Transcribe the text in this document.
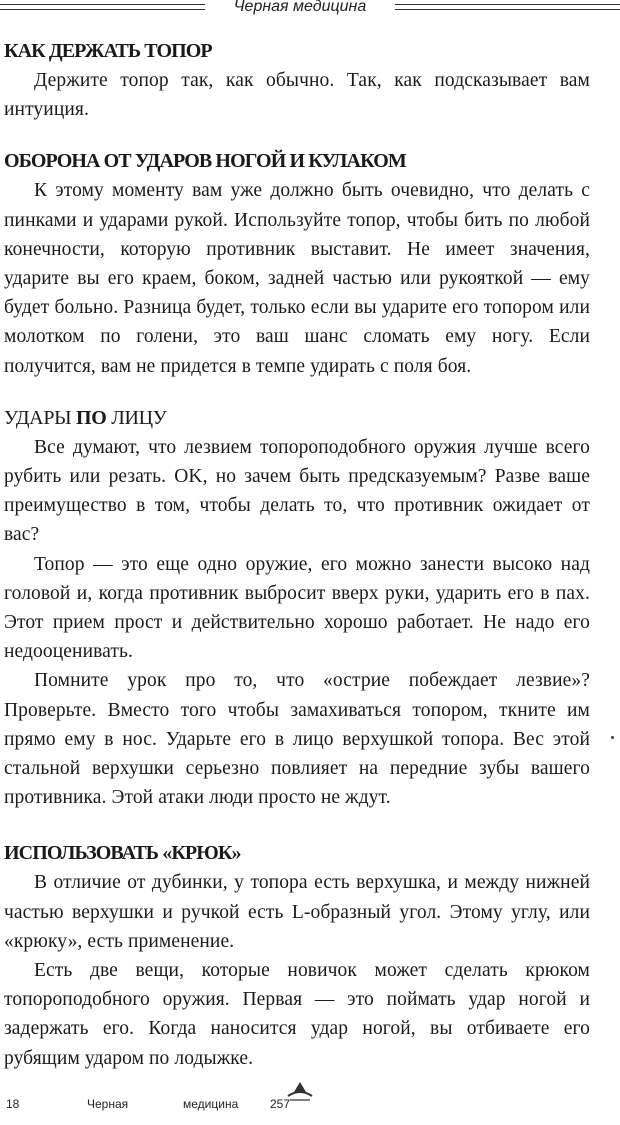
Черная медицина
КАК ДЕРЖАТЬ ТОПОР

Держите топор так, как обычно. Так, как подсказывает вам интуиция.

ОБОРОНА ОТ УДАРОВ НОГОЙ И КУЛАКОМ

К этому моменту вам уже должно быть очевидно, что делать с пинками и ударами рукой. Используйте топор, чтобы бить по любой конечности, которую противник выставит. Не имеет значения, ударите вы его краем, боком, задней частью или рукояткой — ему будет больно. Разница будет, только если вы ударите его топором или молотком по голени, это ваш шанс сломать ему ногу. Если получится, вам не придется в темпе удирать с поля боя.

УДАРЫ ПО ЛИЦУ

Все думают, что лезвием топороподобного оружия лучше всего рубить или резать. OK, но зачем быть предсказуемым? Разве ваше преимущество в том, чтобы делать то, что противник ожидает от вас?

Топор — это еще одно оружие, его можно занести высоко над головой и, когда противник выбросит вверх руки, ударить его в пах. Этот прием прост и действительно хорошо работает. Не надо его недооценивать.

Помните урок про то, что «острие побеждает лезвие»? Проверьте. Вместо того чтобы замахиваться топором, ткните им прямо ему в нос. Ударьте его в лицо верхушкой топора. Вес этой стальной верхушки серьезно повлияет на передние зубы вашего противника. Этой атаки люди просто не ждут.

ИСПОЛЬЗОВАТЬ «КРЮК»

В отличие от дубинки, у топора есть верхушка, и между нижней частью верхушки и ручкой есть L-образный угол. Этому углу, или «крюку», есть применение.

Есть две вещи, которые новичок может сделать крюком топороподобного оружия. Первая — это поймать удар ногой и задержать его. Когда наносится удар ногой, вы отбиваете его рубящим ударом по лодыжке.

18	Черная	медицина	257
